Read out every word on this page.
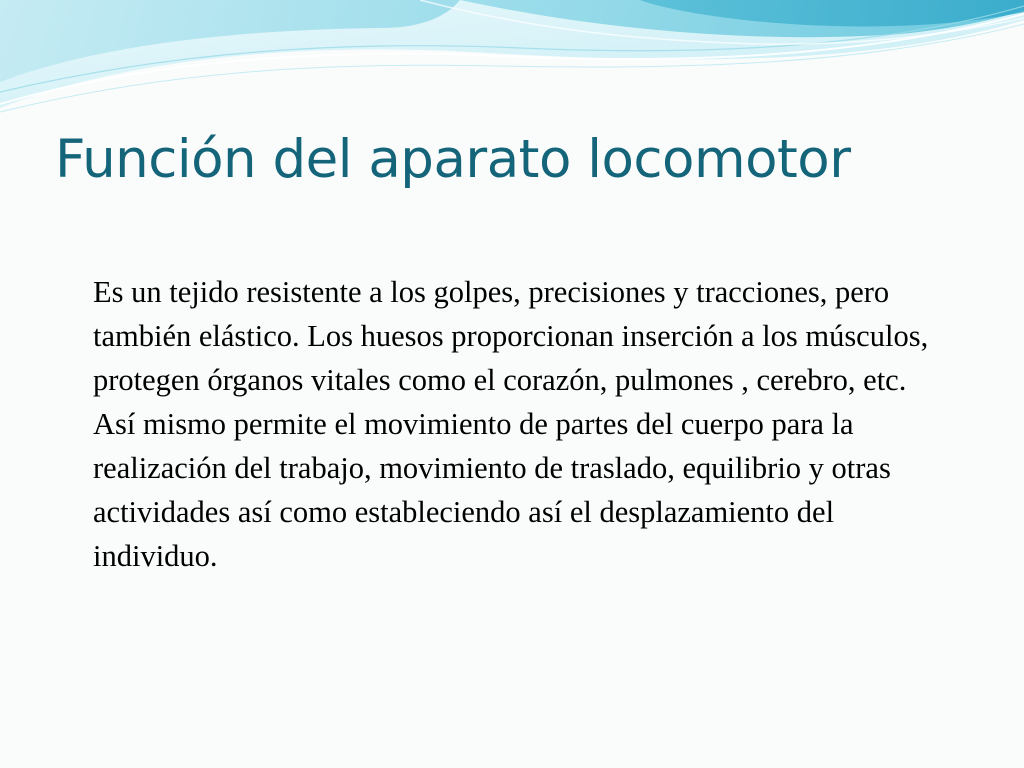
Función del aparato locomotor

Es un tejido resistente a los golpes, precisiones y tracciones, pero también elástico. Los huesos proporcionan inserción a los músculos, protegen órganos vitales como el corazón, pulmones , cerebro, etc. Así mismo permite el movimiento de partes del cuerpo para la realización del trabajo, movimiento de traslado, equilibrio y otras actividades así como estableciendo así el desplazamiento del individuo.
